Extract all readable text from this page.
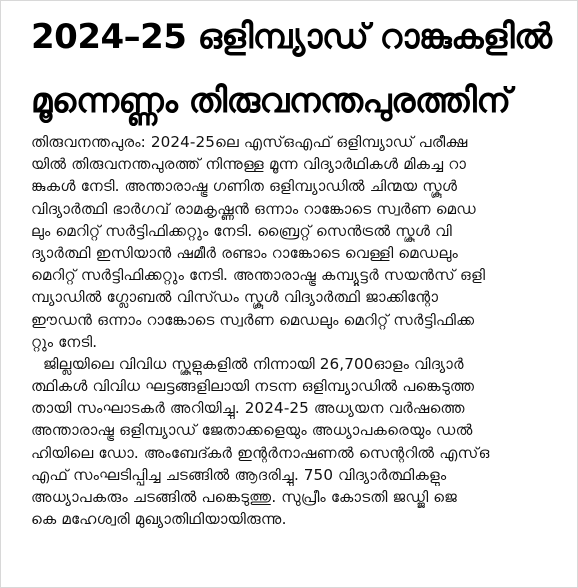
2024–25 ഒളിമ്പ്യാഡ് റാങ്കുകളിൽ
മൂന്നെണ്ണം തിരുവനന്തപുരത്തിന്
തിരുവനന്തപുരം: 2024-25ലെ എസ്ഒഎഫ് ഒളിമ്പ്യാഡ് പരീക്ഷ
യിൽ തിരുവനന്തപുരത്ത് നിന്നുള്ള മൂന്ന വിദ്യാർഥികൾ മികച്ച റാ
ങ്കുകൾ നേടി. അന്താരാഷ്ട്ര ഗണിത ഒളിമ്പ്യാഡിൽ ചിന്മയ സ്കൂൾ
വിദ്യാർത്ഥി ഭാർഗവ് രാമകൃഷ്ണൻ ഒന്നാം റാങ്കോടെ സ്വർണ മെഡ
ലും മെറിറ്റ് സർട്ടിഫിക്കറ്റും നേടി. ബ്രൈറ്റ് സെൻട്രൽ സ്കൂൾ വി
ദ്യാർത്ഥി ഇസിയാൻ ഷമീർ രണ്ടാം റാങ്കോടെ വെള്ളി മെഡലും
മെറിറ്റ് സർട്ടിഫിക്കറ്റും നേടി. അന്താരാഷ്ട്ര കമ്പ്യൂട്ടർ സയൻസ് ഒളി
മ്പ്യാഡിൽ ഗ്ലോബൽ വിസ്ഡം സ്കൂൾ വിദ്യാർത്ഥി ജാക്കിന്റോ
ഈഡൻ ഒന്നാം റാങ്കോടെ സ്വർണ മെഡലും മെറിറ്റ് സർട്ടിഫിക്ക
റ്റും നേടി.
ജില്ലയിലെ വിവിധ സ്കൂളുകളിൽ നിന്നായി 26,700ഓളം വിദ്യാർ
ത്ഥികൾ വിവിധ ഘട്ടങ്ങളിലായി നടന്ന ഒളിമ്പ്യാഡിൽ പങ്കെടുത്ത
തായി സംഘാടകർ അറിയിച്ചു. 2024-25 അധ്യയന വർഷത്തെ
അന്താരാഷ്ട്ര ഒളിമ്പ്യാഡ് ജേതാക്കളെയും അധ്യാപകരെയും ഡൽ
ഹിയിലെ ഡോ. അംബേദ്കർ ഇന്റർനാഷണൽ സെന്ററിൽ എസ്ഒ
എഫ് സംഘടിപ്പിച്ച ചടങ്ങിൽ ആദരിച്ചു. 750 വിദ്യാർത്ഥികളും
അധ്യാപകരും ചടങ്ങിൽ പങ്കെടുത്തു. സുപ്രീം കോടതി ജഡ്ജി ജെ
കെ മഹേശ്വരി മുഖ്യാതിഥിയായിരുന്നു.
